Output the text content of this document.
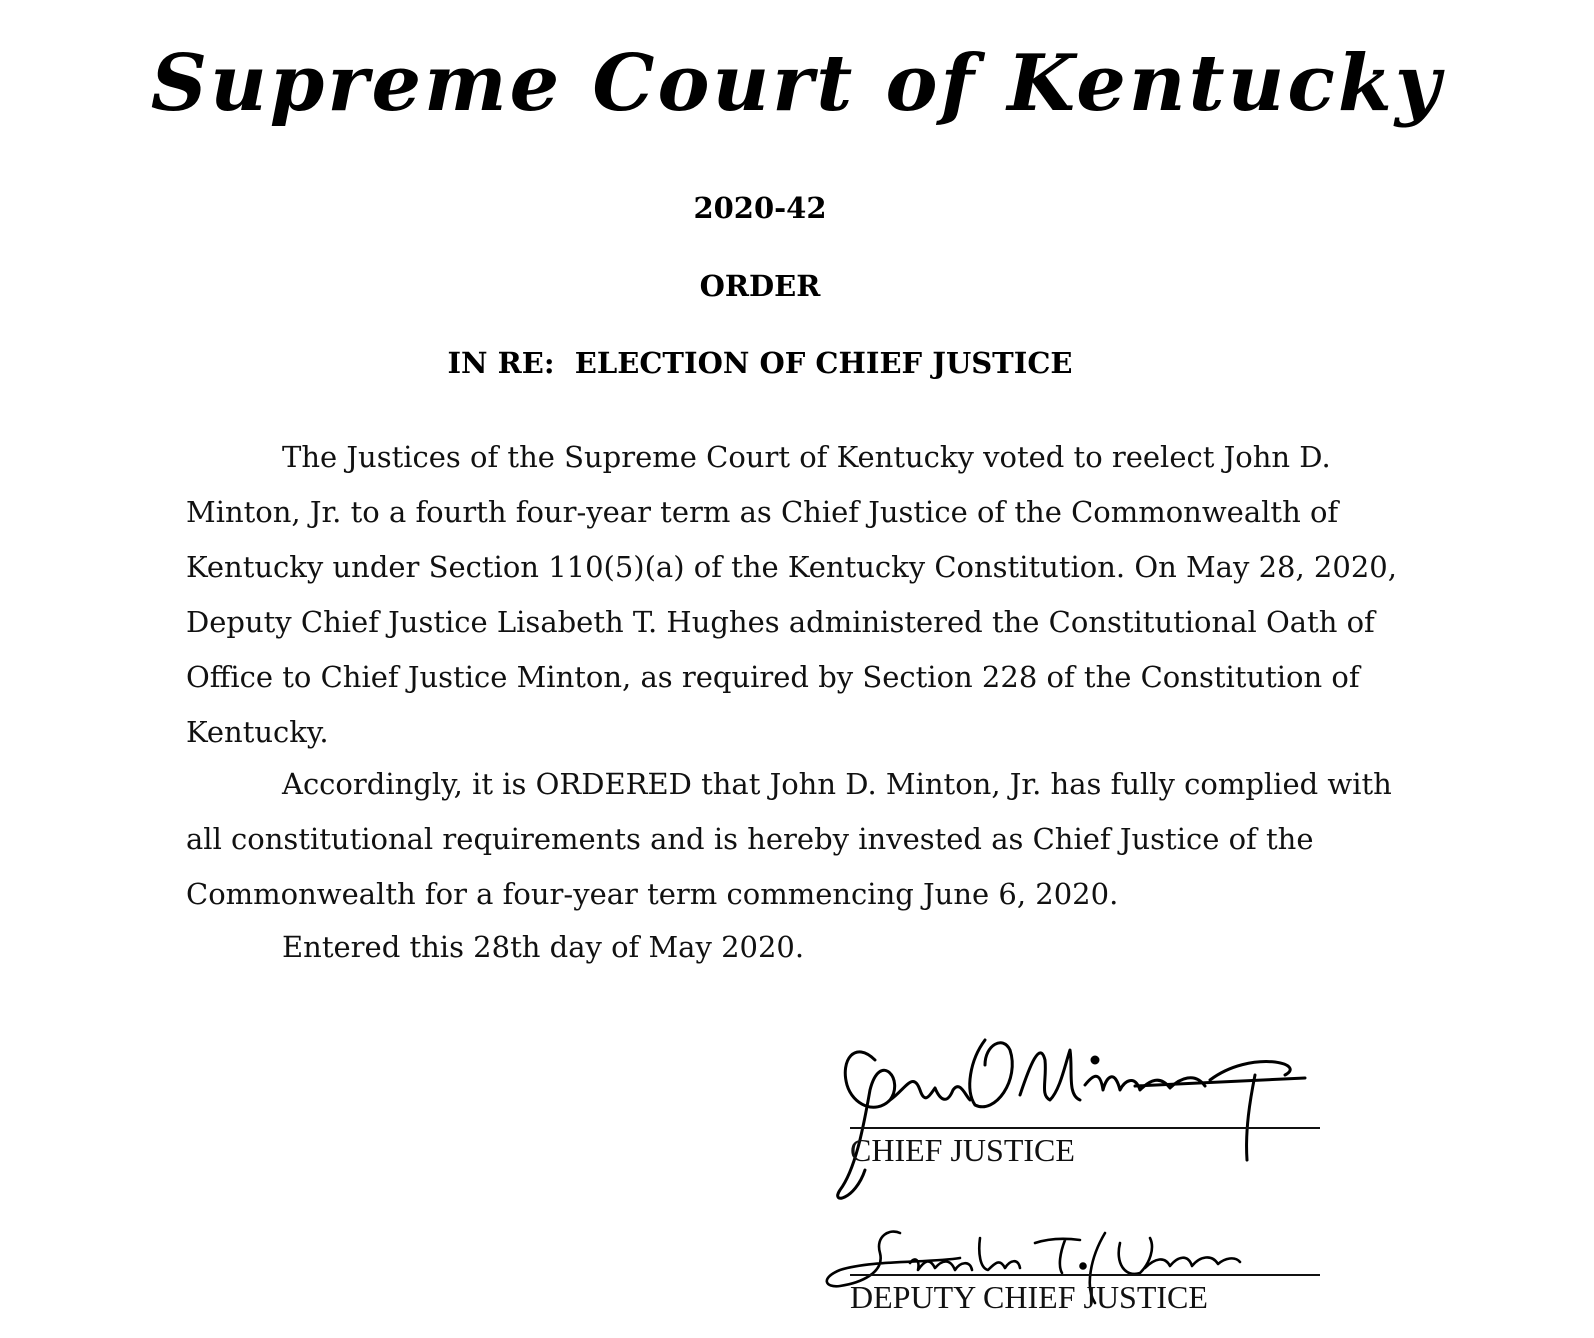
Supreme Court of Kentucky
2020-42
ORDER
IN RE:  ELECTION OF CHIEF JUSTICE

The Justices of the Supreme Court of Kentucky voted to reelect John D. Minton, Jr. to a fourth four-year term as Chief Justice of the Commonwealth of Kentucky under Section 110(5)(a) of the Kentucky Constitution. On May 28, 2020, Deputy Chief Justice Lisabeth T. Hughes administered the Constitutional Oath of Office to Chief Justice Minton, as required by Section 228 of the Constitution of Kentucky.

Accordingly, it is ORDERED that John D. Minton, Jr. has fully complied with all constitutional requirements and is hereby invested as Chief Justice of the Commonwealth for a four-year term commencing June 6, 2020.

Entered this 28th day of May 2020.

John D. Minton, Jr.
CHIEF JUSTICE
Lisabeth T. Hughes
DEPUTY CHIEF JUSTICE
